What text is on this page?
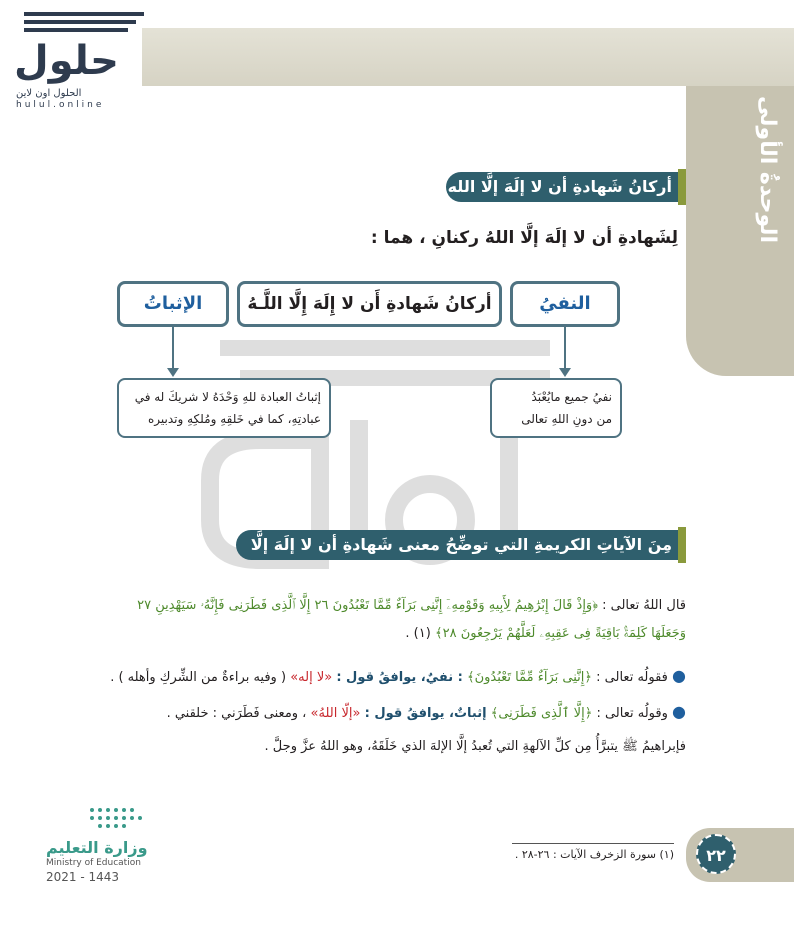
الوحدةُ الأولى
حلول
الحلول اون لاين
hulul.online
أركانُ شَهادةِ أن لا إلَهَ إلَّا الله
لِشَهادةِ أن لا إلَهَ إلَّا اللهُ ركنانِ ، هما :
النفيُ
أركانُ شَهادةِ أَن لا إِلَهَ إِلَّا اللَّـهُ
الإثباتُ
نفيُ جميع مايُعْبَدُ
من دونِ اللهِ تعالى
إثباتُ العبادة للهِ وَحْدَهُ لا شريكَ له في
عبادتِهِ، كما في خَلقِهِ ومُلكِهِ وتدبيره
مِنَ الآياتِ الكريمةِ التي توضِّحُ معنى شَهادةِ أن لا إلَهَ إلَّا الله
قال اللهُ تعالى : ﴿وَإِذْ قَالَ إِبْرَٰهِيمُ لِأَبِيهِ وَقَوْمِهِۦٓ إِنَّنِى بَرَآءٌ مِّمَّا تَعْبُدُونَ ٢٦ إِلَّا ٱلَّذِى فَطَرَنِى فَإِنَّهُۥ سَيَهْدِينِ ٢٧
وَجَعَلَهَا كَلِمَةًۢ بَاقِيَةً فِى عَقِبِهِۦ لَعَلَّهُمْ يَرْجِعُونَ ٢٨﴾ (١) .
● فقولُه تعالى : ﴿إِنَّنِى بَرَآءٌ مِّمَّا تَعْبُدُونَ﴾ : نفيٌ، يوافقُ قول : «لا إله» ( وفيه براءةٌ من الشِّركِ وأهله ) .
● وقولُه تعالى : ﴿إِلَّا ٱلَّذِى فَطَرَنِى﴾ إثباتٌ، يوافقُ قول : «إلّا اللهُ» ، ومعنى فَطَرَني : خلقني .
فإبراهيمُ ﷺ يتبرَّأُ مِن كلِّ الآلهةِ التي تُعبدُ إلَّا الإلهَ الذي خَلَقَهُ، وهو اللهُ عزَّ وجلَّ .
(١) سورة الزخرف الآيات : ٢٦-٢٨ .	٢٢
وزارة التعليم
Ministry of Education
2021 - 1443
